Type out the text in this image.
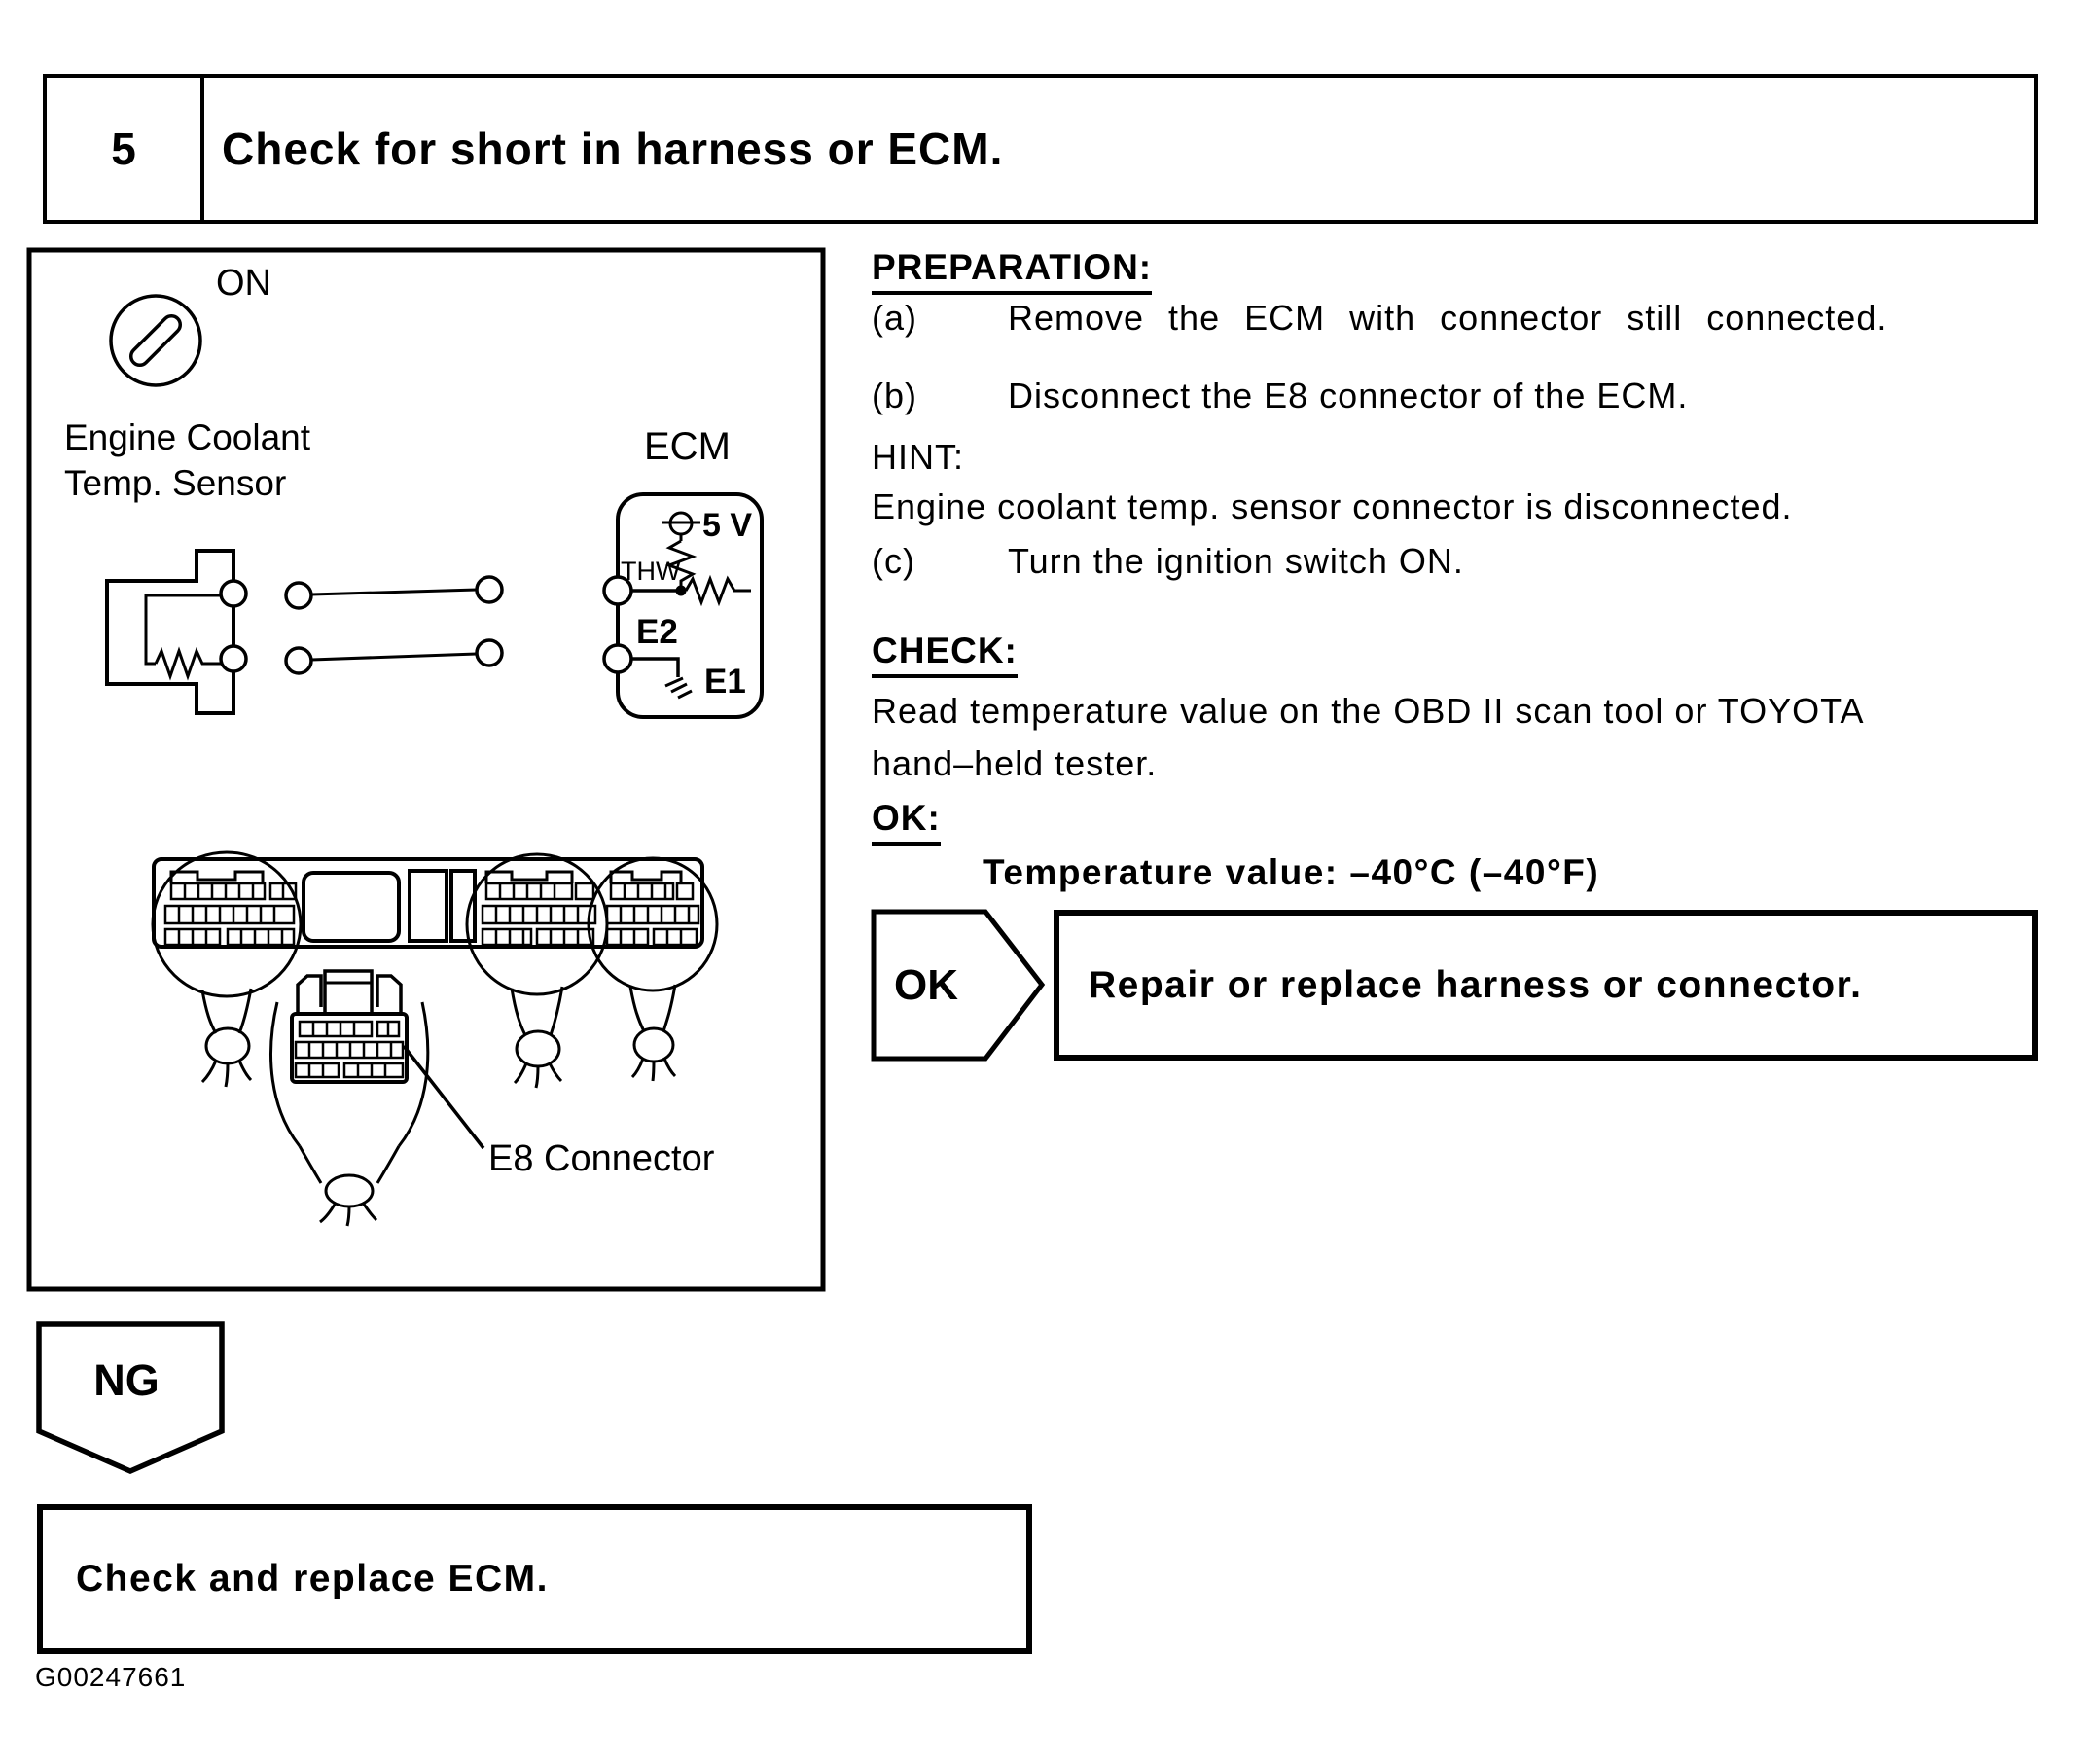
ON
Engine Coolant
Temp. Sensor
ECM
5 V
THW
E2
E1
E8 Connector
OK
NG
5	Check for short in harness or ECM.
PREPARATION:
(a)	Remove the ECM with connector still connected.
(b)	Disconnect the E8 connector of the ECM.
HINT:
Engine coolant temp. sensor connector is disconnected.
(c)	Turn the ignition switch ON.
CHECK:
Read temperature value on the OBD II scan tool or TOYOTA
hand–held tester.
OK:
Temperature value: –40°C (–40°F)
Repair or replace harness or connector.
Check and replace ECM.
G00247661
